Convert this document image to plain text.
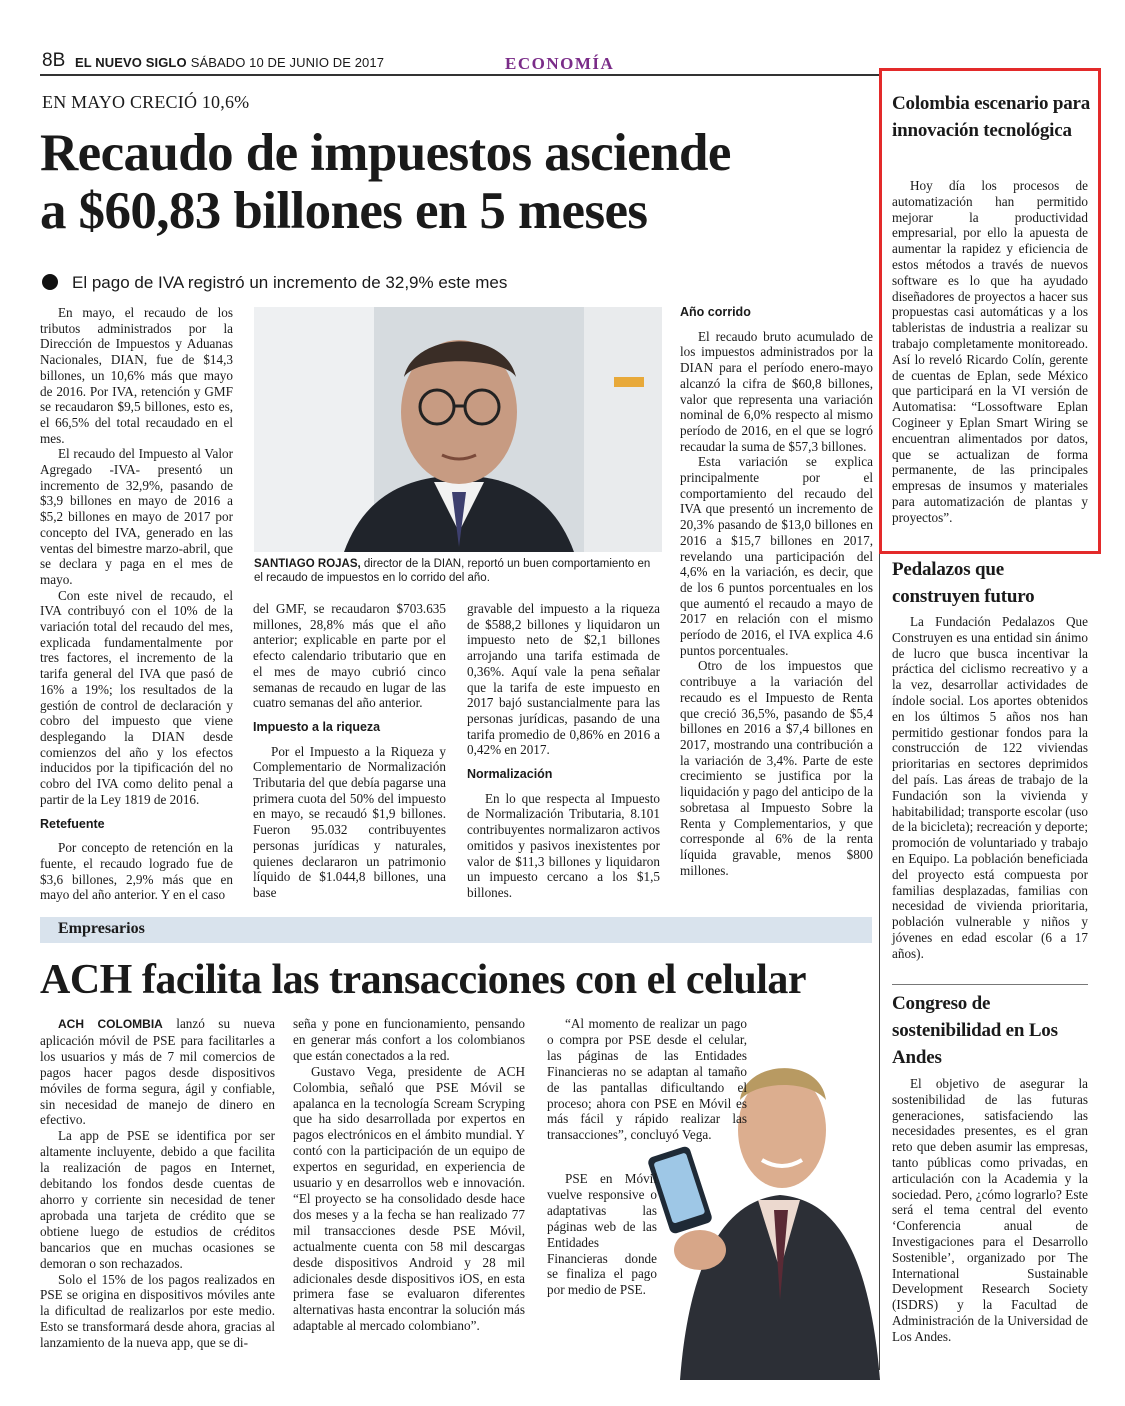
8B EL NUEVO SIGLO SÁBADO 10 DE JUNIO DE 2017	ECONOMÍA
EN MAYO CRECIÓ 10,6%
Recaudo de impuestos asciende
a $60,83 billones en 5 meses
El pago de IVA registró un incremento de 32,9% este mes

En mayo, el recaudo de los tributos administrados por la Dirección de Impuestos y Aduanas Nacionales, DIAN, fue de $14,3 billones, un 10,6% más que mayo de 2016. Por IVA, retención y GMF se recaudaron $9,5 billones, esto es, el 66,5% del total recaudado en el mes.

El recaudo del Impuesto al Valor Agregado -IVA- presentó un incremento de 32,9%, pasando de $3,9 billones en mayo de 2016 a $5,2 billones en mayo de 2017 por concepto del IVA, generado en las ventas del bimestre marzo-abril, que se declara y paga en el mes de mayo.

Con este nivel de recaudo, el IVA contribuyó con el 10% de la variación total del recaudo del mes, explicada fundamentalmente por tres factores, el incremento de la tarifa general del IVA que pasó de 16% a 19%; los resultados de la gestión de control de declaración y cobro del impuesto que viene desplegando la DIAN desde comienzos del año y los efectos inducidos por la tipificación del no cobro del IVA como delito penal a partir de la Ley 1819 de 2016.

Retefuente

Por concepto de retención en la fuente, el recaudo logrado fue de $3,6 billones, 2,9% más que en mayo del año anterior. Y en el caso

SANTIAGO ROJAS, director de la DIAN, reportó un buen comportamiento en el recaudo de impuestos en lo corrido del año.

del GMF, se recaudaron $703.635 millones, 28,8% más que el año anterior; explicable en parte por el efecto calendario tributario que en el mes de mayo cubrió cinco semanas de recaudo en lugar de las cuatro semanas del año anterior.

Impuesto a la riqueza

Por el Impuesto a la Riqueza y Complementario de Normalización Tributaria del que debía pagarse una primera cuota del 50% del impuesto en mayo, se recaudó $1,9 billones. Fueron 95.032 contribuyentes personas jurídicas y naturales, quienes declararon un patrimonio líquido de $1.044,8 billones, una base

gravable del impuesto a la riqueza de $588,2 billones y liquidaron un impuesto neto de $2,1 billones arrojando una tarifa estimada de 0,36%. Aquí vale la pena señalar que la tarifa de este impuesto en 2017 bajó sustancialmente para las personas jurídicas, pasando de una tarifa promedio de 0,86% en 2016 a 0,42% en 2017.

Normalización

En lo que respecta al Impuesto de Normalización Tributaria, 8.101 contribuyentes normalizaron activos omitidos y pasivos inexistentes por valor de $11,3 billones y liquidaron un impuesto cercano a los $1,5 billones.

Año corrido

El recaudo bruto acumulado de los impuestos administrados por la DIAN para el período enero-mayo alcanzó la cifra de $60,8 billones, valor que representa una variación nominal de 6,0% respecto al mismo período de 2016, en el que se logró recaudar la suma de $57,3 billones.

Esta variación se explica principalmente por el comportamiento del recaudo del IVA que presentó un incremento de 20,3% pasando de $13,0 billones en 2016 a $15,7 billones en 2017, revelando una participación del 4,6% en la variación, es decir, que de los 6 puntos porcentuales en los que aumentó el recaudo a mayo de 2017 en relación con el mismo período de 2016, el IVA explica 4.6 puntos porcentuales.

Otro de los impuestos que contribuye a la variación del recaudo es el Impuesto de Renta que creció 36,5%, pasando de $5,4 billones en 2016 a $7,4 billones en 2017, mostrando una contribución a la variación de 3,4%. Parte de este crecimiento se justifica por la liquidación y pago del anticipo de la sobretasa al Impuesto Sobre la Renta y Complementarios, y que corresponde al 6% de la renta líquida gravable, menos $800 millones.

Empresarios
ACH facilita las transacciones con el celular

ACH COLOMBIA lanzó su nueva aplicación móvil de PSE para facilitarles a los usuarios y más de 7 mil comercios de pagos hacer pagos desde dispositivos móviles de forma segura, ágil y confiable, sin necesidad de manejo de dinero en efectivo.

La app de PSE se identifica por ser altamente incluyente, debido a que facilita la realización de pagos en Internet, debitando los fondos desde cuentas de ahorro y corriente sin necesidad de tener aprobada una tarjeta de crédito que se obtiene luego de estudios de créditos bancarios que en muchas ocasiones se demoran o son rechazados.

Solo el 15% de los pagos realizados en PSE se origina en dispositivos móviles ante la dificultad de realizarlos por este medio. Esto se transformará desde ahora, gracias al lanzamiento de la nueva app, que se di-

seña y pone en funcionamiento, pensando en generar más confort a los colombianos que están conectados a la red.

Gustavo Vega, presidente de ACH Colombia, señaló que PSE Móvil se apalanca en la tecnología Scream Scryping que ha sido desarrollada por expertos en pagos electrónicos en el ámbito mundial. Y contó con la participación de un equipo de expertos en seguridad, en experiencia de usuario y en desarrollos web e innovación. “El proyecto se ha consolidado desde hace dos meses y a la fecha se han realizado 77 mil transacciones desde PSE Móvil, actualmente cuenta con 58 mil descargas desde dispositivos Android y 28 mil adicionales desde dispositivos iOS, en esta primera fase se evaluaron diferentes alternativas hasta encontrar la solución más adaptable al mercado colombiano”.

“Al momento de realizar un pago o compra por PSE desde el celular, las páginas de las Entidades Financieras no se adaptan al tamaño de las pantallas dificultando el proceso; ahora con PSE en Móvil es más fácil y rápido realizar las transacciones”, concluyó Vega.

PSE en Móvil vuelve responsive o adaptativas las páginas web de las Entidades Financieras donde se finaliza el pago por medio de PSE.

Colombia escenario para innovación tecnológica

Hoy día los procesos de automatización han permitido mejorar la productividad empresarial, por ello la apuesta de aumentar la rapidez y eficiencia de estos métodos a través de nuevos software es lo que ha ayudado diseñadores de proyectos a hacer sus propuestas casi automáticas y a los tableristas de industria a realizar su trabajo completamente monitoreado. Así lo reveló Ricardo Colín, gerente de cuentas de Eplan, sede México que participará en la VI versión de Automatisa: “Lossoftware Eplan Cogineer y Eplan Smart Wiring se encuentran alimentados por datos, que se actualizan de forma permanente, de las principales empresas de insumos y materiales para automatización de plantas y proyectos”.

Pedalazos que construyen futuro

La Fundación Pedalazos Que Construyen es una entidad sin ánimo de lucro que busca incentivar la práctica del ciclismo recreativo y a la vez, desarrollar actividades de índole social. Los aportes obtenidos en los últimos 5 años nos han permitido gestionar fondos para la construcción de 122 viviendas prioritarias en sectores deprimidos del país. Las áreas de trabajo de la Fundación son la vivienda y habitabilidad; transporte escolar (uso de la bicicleta); recreación y deporte; promoción de voluntariado y trabajo en Equipo. La población beneficiada del proyecto está compuesta por familias desplazadas, familias con necesidad de vivienda prioritaria, población vulnerable y niños y jóvenes en edad escolar (6 a 17 años).

Congreso de sostenibilidad en Los Andes

El objetivo de asegurar la sostenibilidad de las futuras generaciones, satisfaciendo las necesidades presentes, es el gran reto que deben asumir las empresas, tanto públicas como privadas, en articulación con la Academia y la sociedad. Pero, ¿cómo lograrlo? Este será el tema central del evento ‘Conferencia anual de Investigaciones para el Desarrollo Sostenible’, organizado por The International Sustainable Development Research Society (ISDRS) y la Facultad de Administración de la Universidad de Los Andes.
